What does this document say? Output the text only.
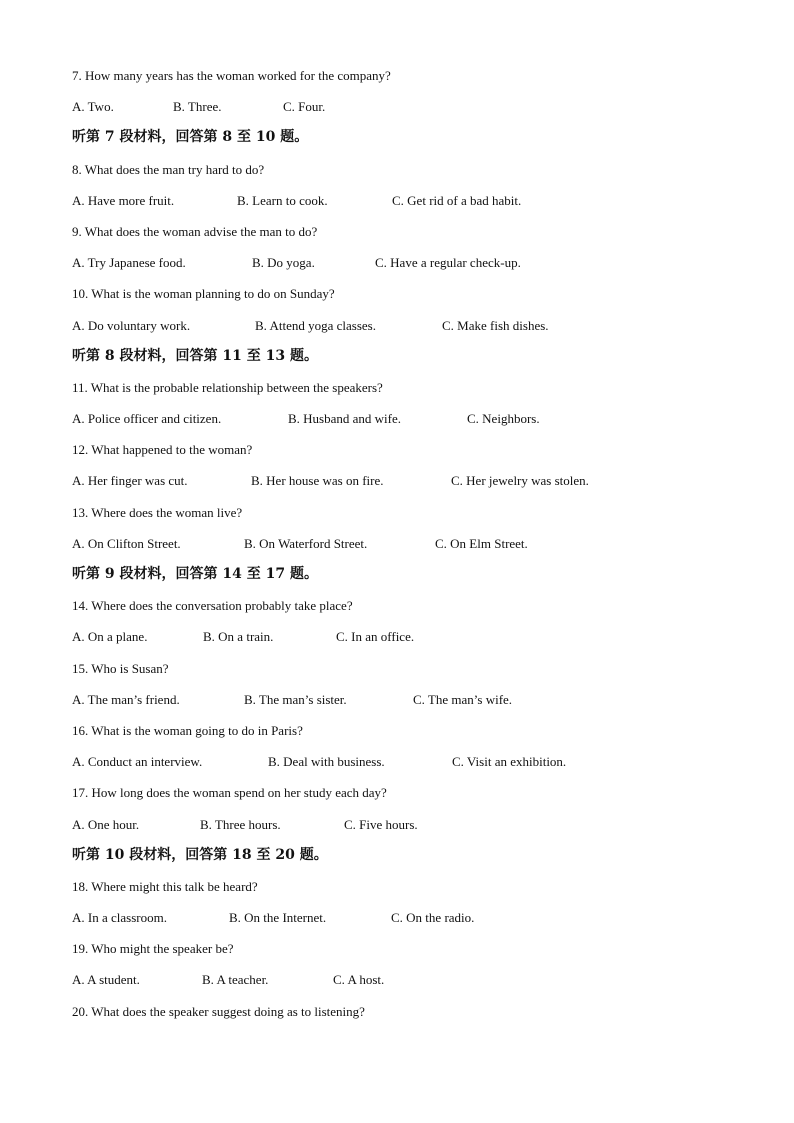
7. How many years has the woman worked for the company?
A. Two.	B. Three.	C. Four.
听第 7 段材料，回答第 8 至 10 题。
8. What does the man try hard to do?
A. Have more fruit.	B. Learn to cook.	C. Get rid of a bad habit.
9. What does the woman advise the man to do?
A. Try Japanese food.	B. Do yoga.	C. Have a regular check-up.
10. What is the woman planning to do on Sunday?
A. Do voluntary work.	B. Attend yoga classes.	C. Make fish dishes.
听第 8 段材料，回答第 11 至 13 题。
11. What is the probable relationship between the speakers?
A. Police officer and citizen.	B. Husband and wife.	C. Neighbors.
12. What happened to the woman?
A. Her finger was cut.	B. Her house was on fire.	C. Her jewelry was stolen.
13. Where does the woman live?
A. On Clifton Street.	B. On Waterford Street.	C. On Elm Street.
听第 9 段材料，回答第 14 至 17 题。
14. Where does the conversation probably take place?
A. On a plane.	B. On a train.	C. In an office.
15. Who is Susan?
A. The man’s friend.	B. The man’s sister.	C. The man’s wife.
16. What is the woman going to do in Paris?
A. Conduct an interview.	B. Deal with business.	C. Visit an exhibition.
17. How long does the woman spend on her study each day?
A. One hour.	B. Three hours.	C. Five hours.
听第 10 段材料，回答第 18 至 20 题。
18. Where might this talk be heard?
A. In a classroom.	B. On the Internet.	C. On the radio.
19. Who might the speaker be?
A. A student.	B. A teacher.	C. A host.
20. What does the speaker suggest doing as to listening?
